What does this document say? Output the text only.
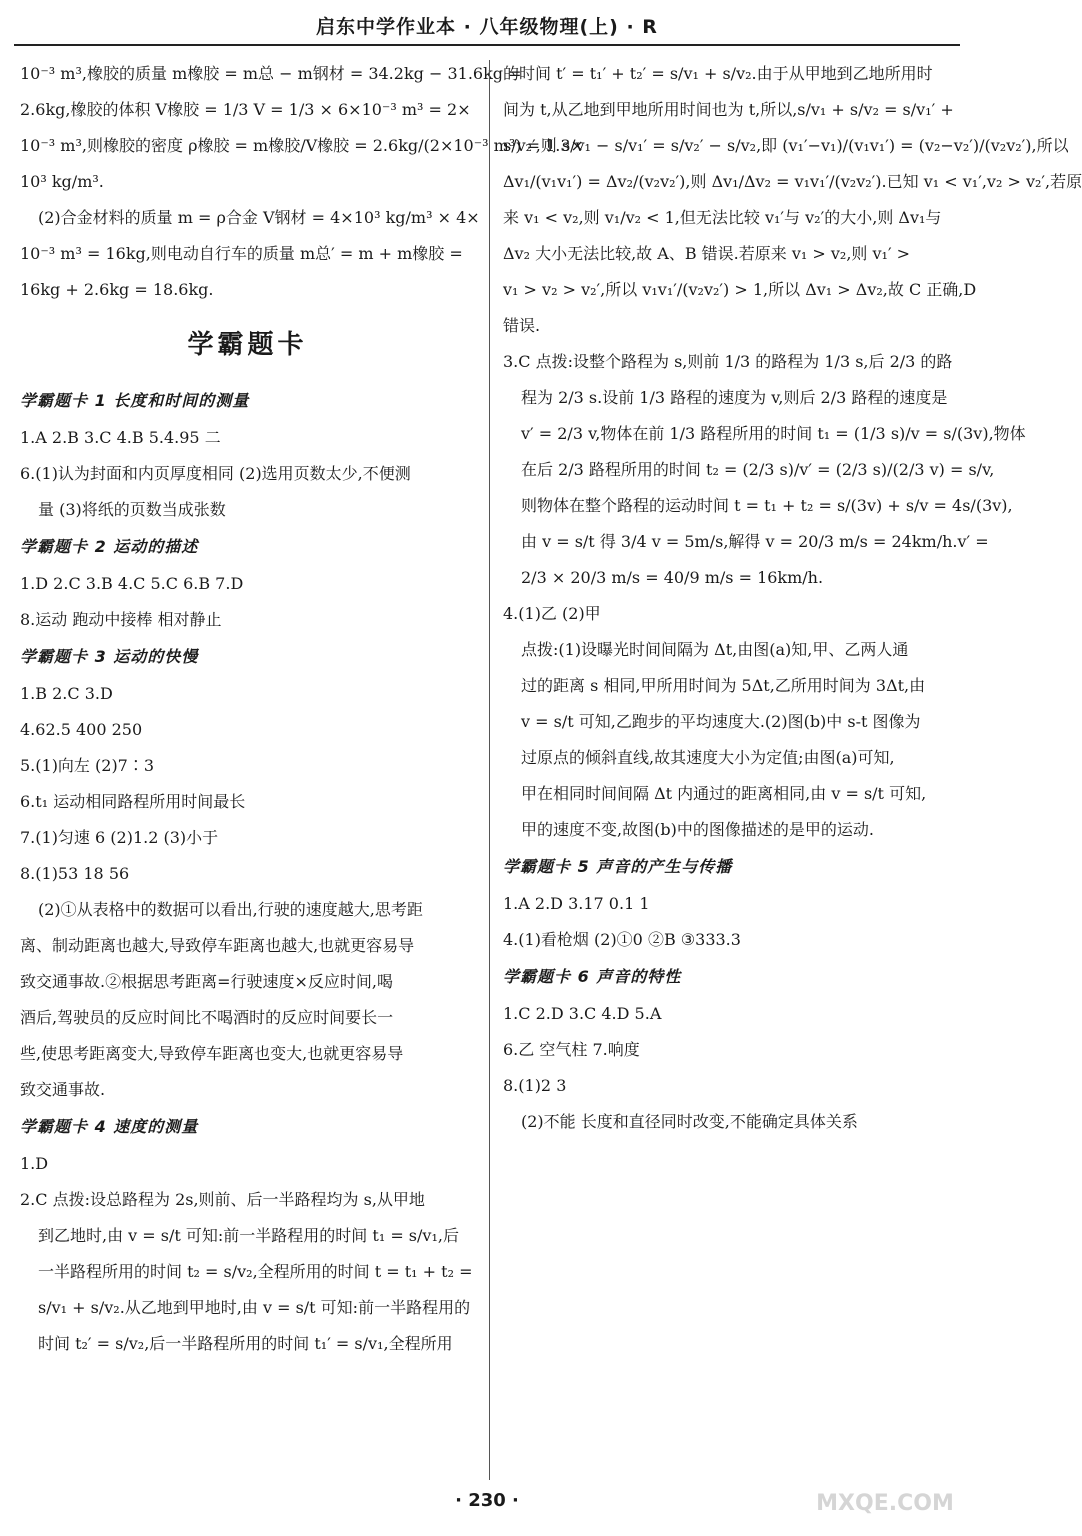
启东中学作业本 · 八年级物理(上) · R
10⁻³ m³,橡胶的质量 m橡胶 = m总 − m钢材 = 34.2kg − 31.6kg =
2.6kg,橡胶的体积 V橡胶 = 1/3 V = 1/3 × 6×10⁻³ m³ = 2×
10⁻³ m³,则橡胶的密度 ρ橡胶 = m橡胶/V橡胶 = 2.6kg/(2×10⁻³ m³) = 1.3×
10³ kg/m³.
(2)合金材料的质量 m = ρ合金 V钢材 = 4×10³ kg/m³ × 4×
10⁻³ m³ = 16kg,则电动自行车的质量 m总′ = m + m橡胶 =
16kg + 2.6kg = 18.6kg.
学霸题卡
学霸题卡 1 长度和时间的测量
1.A 2.B 3.C 4.B 5.4.95 二
6.(1)认为封面和内页厚度相同 (2)选用页数太少,不便测
量 (3)将纸的页数当成张数
学霸题卡 2 运动的描述
1.D 2.C 3.B 4.C 5.C 6.B 7.D
8.运动 跑动中接棒 相对静止
学霸题卡 3 运动的快慢
1.B 2.C 3.D
4.62.5 400 250
5.(1)向左 (2)7∶3
6.t₁ 运动相同路程所用时间最长
7.(1)匀速 6 (2)1.2 (3)小于
8.(1)53 18 56
(2)①从表格中的数据可以看出,行驶的速度越大,思考距
离、制动距离也越大,导致停车距离也越大,也就更容易导
致交通事故.②根据思考距离=行驶速度×反应时间,喝
酒后,驾驶员的反应时间比不喝酒时的反应时间要长一
些,使思考距离变大,导致停车距离也变大,也就更容易导
致交通事故.
学霸题卡 4 速度的测量
1.D
2.C 点拨:设总路程为 2s,则前、后一半路程均为 s,从甲地
到乙地时,由 v = s/t 可知:前一半路程用的时间 t₁ = s/v₁,后
一半路程所用的时间 t₂ = s/v₂,全程所用的时间 t = t₁ + t₂ =
s/v₁ + s/v₂.从乙地到甲地时,由 v = s/t 可知:前一半路程用的
时间 t₂′ = s/v₂,后一半路程所用的时间 t₁′ = s/v₁,全程所用
的时间 t′ = t₁′ + t₂′ = s/v₁ + s/v₂.由于从甲地到乙地所用时
间为 t,从乙地到甲地所用时间也为 t,所以,s/v₁ + s/v₂ = s/v₁′ +
s/v₂′,则 s/v₁ − s/v₁′ = s/v₂′ − s/v₂,即 (v₁′−v₁)/(v₁v₁′) = (v₂−v₂′)/(v₂v₂′),所以
Δv₁/(v₁v₁′) = Δv₂/(v₂v₂′),则 Δv₁/Δv₂ = v₁v₁′/(v₂v₂′).已知 v₁ < v₁′,v₂ > v₂′,若原
来 v₁ < v₂,则 v₁/v₂ < 1,但无法比较 v₁′与 v₂′的大小,则 Δv₁与
Δv₂ 大小无法比较,故 A、B 错误.若原来 v₁ > v₂,则 v₁′ >
v₁ > v₂ > v₂′,所以 v₁v₁′/(v₂v₂′) > 1,所以 Δv₁ > Δv₂,故 C 正确,D
错误.
3.C 点拨:设整个路程为 s,则前 1/3 的路程为 1/3 s,后 2/3 的路
程为 2/3 s.设前 1/3 路程的速度为 v,则后 2/3 路程的速度是
v′ = 2/3 v,物体在前 1/3 路程所用的时间 t₁ = (1/3 s)/v = s/(3v),物体
在后 2/3 路程所用的时间 t₂ = (2/3 s)/v′ = (2/3 s)/(2/3 v) = s/v,
则物体在整个路程的运动时间 t = t₁ + t₂ = s/(3v) + s/v = 4s/(3v),
由 v = s/t 得 3/4 v = 5m/s,解得 v = 20/3 m/s = 24km/h.v′ =
2/3 × 20/3 m/s = 40/9 m/s = 16km/h.
4.(1)乙 (2)甲
点拨:(1)设曝光时间间隔为 Δt,由图(a)知,甲、乙两人通
过的距离 s 相同,甲所用时间为 5Δt,乙所用时间为 3Δt,由
v = s/t 可知,乙跑步的平均速度大.(2)图(b)中 s-t 图像为
过原点的倾斜直线,故其速度大小为定值;由图(a)可知,
甲在相同时间间隔 Δt 内通过的距离相同,由 v = s/t 可知,
甲的速度不变,故图(b)中的图像描述的是甲的运动.
学霸题卡 5 声音的产生与传播
1.A 2.D 3.17 0.1 1
4.(1)看枪烟 (2)①0 ②B ③333.3
学霸题卡 6 声音的特性
1.C 2.D 3.C 4.D 5.A
6.乙 空气柱 7.响度
8.(1)2 3
(2)不能 长度和直径同时改变,不能确定具体关系
· 230 ·	MXQE.COM
